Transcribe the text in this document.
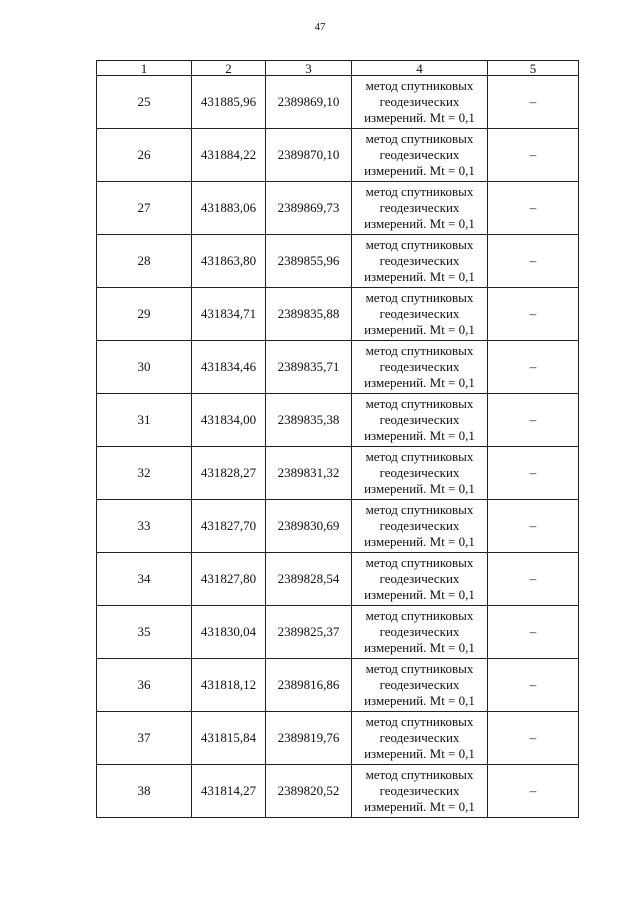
47
1	2	3	4	5
25	431885,96	2389869,10	метод спутниковых
геодезических
измерений. Mt = 0,1	–
26	431884,22	2389870,10	метод спутниковых
геодезических
измерений. Mt = 0,1	–
27	431883,06	2389869,73	метод спутниковых
геодезических
измерений. Mt = 0,1	–
28	431863,80	2389855,96	метод спутниковых
геодезических
измерений. Mt = 0,1	–
29	431834,71	2389835,88	метод спутниковых
геодезических
измерений. Mt = 0,1	–
30	431834,46	2389835,71	метод спутниковых
геодезических
измерений. Mt = 0,1	–
31	431834,00	2389835,38	метод спутниковых
геодезических
измерений. Mt = 0,1	–
32	431828,27	2389831,32	метод спутниковых
геодезических
измерений. Mt = 0,1	–
33	431827,70	2389830,69	метод спутниковых
геодезических
измерений. Mt = 0,1	–
34	431827,80	2389828,54	метод спутниковых
геодезических
измерений. Mt = 0,1	–
35	431830,04	2389825,37	метод спутниковых
геодезических
измерений. Mt = 0,1	–
36	431818,12	2389816,86	метод спутниковых
геодезических
измерений. Mt = 0,1	–
37	431815,84	2389819,76	метод спутниковых
геодезических
измерений. Mt = 0,1	–
38	431814,27	2389820,52	метод спутниковых
геодезических
измерений. Mt = 0,1	–
